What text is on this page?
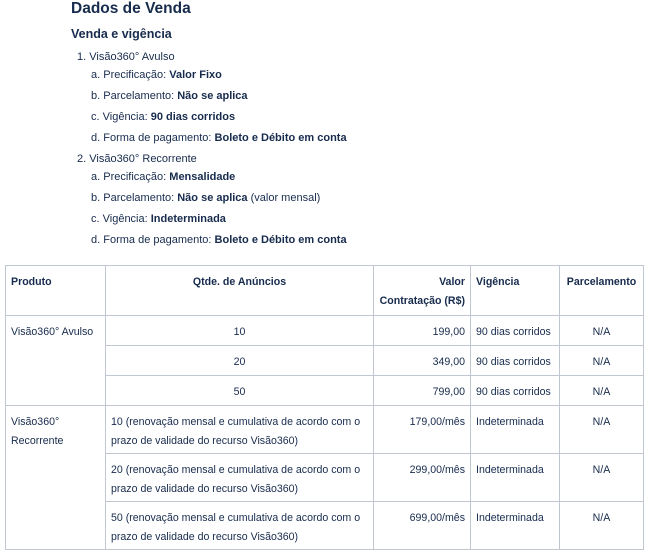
Dados de Venda
Venda e vigência
1. Visão360° Avulso
a. Precificação: Valor Fixo
b. Parcelamento: Não se aplica
c. Vigência: 90 dias corridos
d. Forma de pagamento: Boleto e Débito em conta
2. Visão360° Recorrente
a. Precificação: Mensalidade
b. Parcelamento: Não se aplica (valor mensal)
c. Vigência: Indeterminada
d. Forma de pagamento: Boleto e Débito em conta
Produto	Qtde. de Anúncios	Valor Contratação (R$)	Vigência	Parcelamento
Visão360° Avulso	10	199,00	90 dias corridos	N/A
	20	349,00	90 dias corridos	N/A
	50	799,00	90 dias corridos	N/A
Visão360° Recorrente	10 (renovação mensal e cumulativa de acordo com o prazo de validade do recurso Visão360)	179,00/mês	Indeterminada	N/A
	20 (renovação mensal e cumulativa de acordo com o prazo de validade do recurso Visão360)	299,00/mês	Indeterminada	N/A
	50 (renovação mensal e cumulativa de acordo com o prazo de validade do recurso Visão360)	699,00/mês	Indeterminada	N/A
